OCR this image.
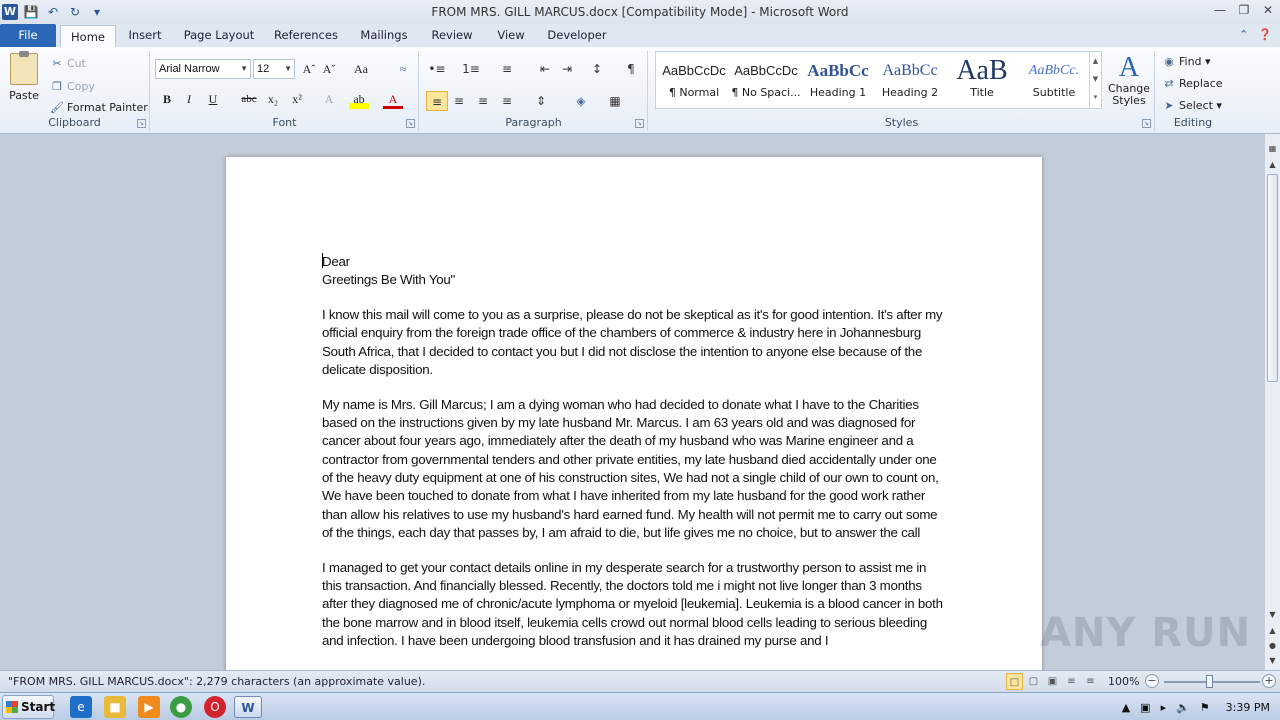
W 💾 ↶ ↻	▾	FROM MRS. GILL MARCUS.docx [Compatibility Mode] - Microsoft Word	— ❐ ✕
File	Home	Insert	Page Layout	References	Mailings	Review	View	Developer	⌃ ❓
Paste
✂ Cut
❐ Copy
🖌 Format Painter
Clipboard	↘
Arial Narrow	▼ 12 ▼ Aˆ Aˇ	Aa	≈
B	I	U	abc x₂	x²	A	ab	A
Font	↘
•≡ 1≡	≡	⇤ ⇥	↕	¶
≡ ≡	≡	≡	⇕	◈	▦
Paragraph	↘	Styles	↘
AaBbCcDc
¶ Normal
AaBbCcDc
¶ No Spaci...
AaBbCc
Heading 1
AaBbCc
Heading 2
AaB
Title
AaBbCc.
Subtitle
▲
▼
▾
A
Change Styles
◉ Find ▾
⇄ Replace
➤ Select ▾
Editing

Dear

Greetings Be With You"

I know this mail will come to you as a surprise, please do not be skeptical as it's for good intention. It's after my official enquiry from the foreign trade office of the chambers of commerce & industry here in Johannesburg South Africa, that I decided to contact you but I did not disclose the intention to anyone else because of the delicate disposition.

My name is Mrs. Gill Marcus; I am a dying woman who had decided to donate what I have to the Charities based on the instructions given by my late husband Mr. Marcus. I am 63 years old and was diagnosed for cancer about four years ago, immediately after the death of my husband who was Marine engineer and a contractor from governmental tenders and other private entities, my late husband died accidentally under one of the heavy duty equipment at one of his construction sites, We had not a single child of our own to count on, We have been touched to donate from what I have inherited from my late husband for the good work rather than allow his relatives to use my husband's hard earned fund. My health will not permit me to carry out some of the things, each day that passes by, I am afraid to die, but life gives me no choice, but to answer the call

I managed to get your contact details online in my desperate search for a trustworthy person to assist me in this transaction. And financially blessed. Recently, the doctors told me i might not live longer than 3 months after they diagnosed me of chronic/acute lymphoma or myeloid [leukemia]. Leukemia is a blood cancer in both the bone marrow and in blood itself, leukemia cells crowd out normal blood cells leading to serious bleeding and infection. I have been undergoing blood transfusion and it has drained my purse and I	ANY RUN
▦
▲
▼
▲
●
▼
"FROM MRS. GILL MARCUS.docx": 2,279 characters (an approximate value).	□ ▢ ▣	≡	≡	100% −	+
Start	e	■	▶	●	O	W	▲ ▣ ▸ 🔈 ⚑ 3:39 PM
